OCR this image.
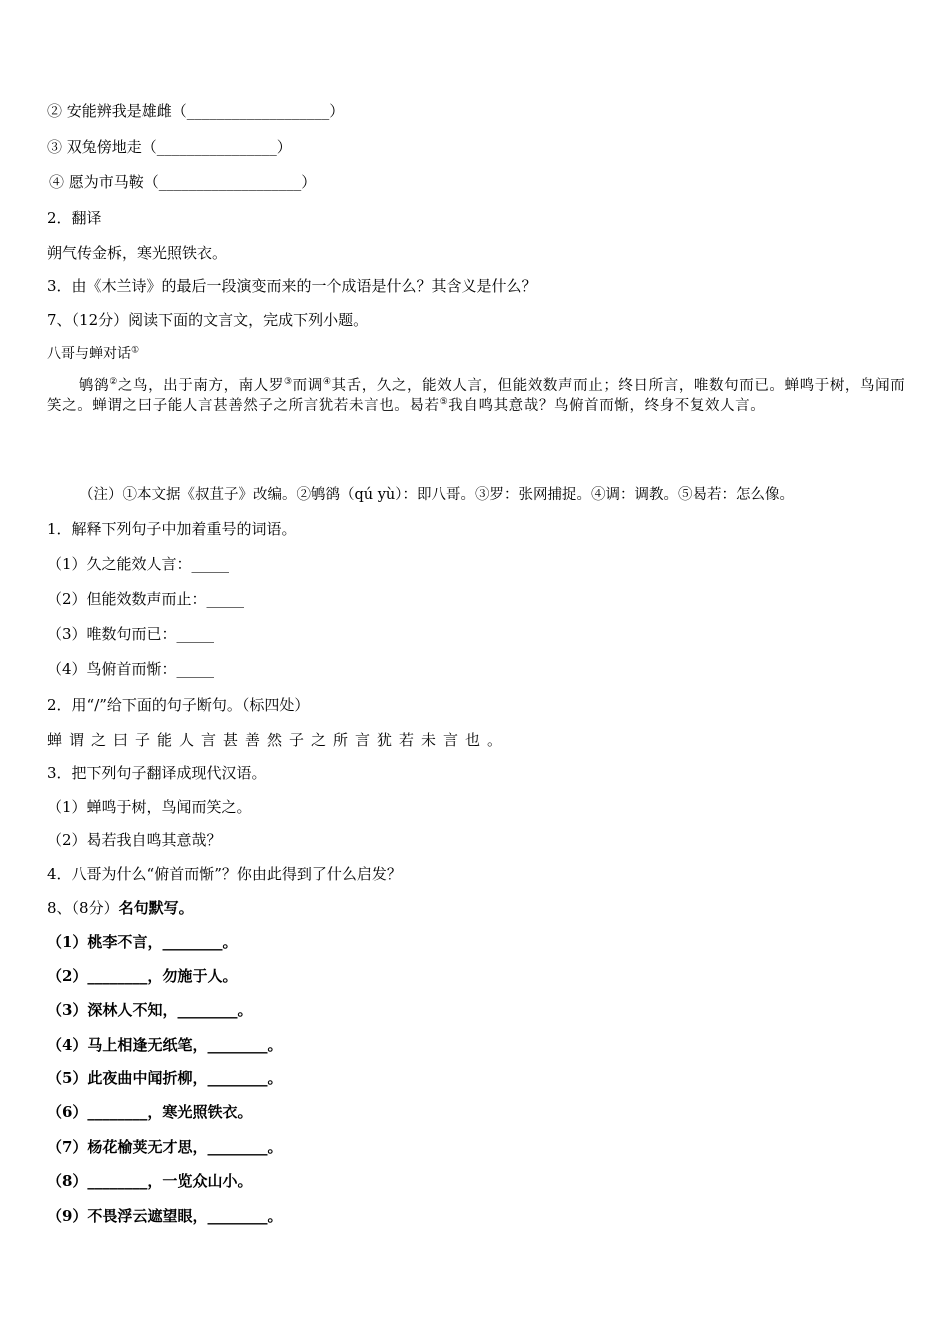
② 安能辨我是雄雌（___________________）
③ 双兔傍地走（________________）
④ 愿为市马鞍（___________________）
2．翻译
朔气传金柝，寒光照铁衣。
3．由《木兰诗》的最后一段演变而来的一个成语是什么？其含义是什么？
7、（12分）阅读下面的文言文，完成下列小题。
八哥与蝉对话①
鸲鹆②之鸟，出于南方，南人罗③而调④其舌，久之，能效人言，但能效数声而止；终日所言，唯数句而已。蝉鸣于树，鸟闻而笑之。蝉谓之曰子能人言甚善然子之所言犹若未言也。曷若⑤我自鸣其意哉？鸟俯首而惭，终身不复效人言。
（注）①本文据《叔苴子》改编。②鸲鹆（qú yù）：即八哥。③罗：张网捕捉。④调：调教。⑤曷若：怎么像。
1．解释下列句子中加着重号的词语。
（1）久之能效人言：_____
（2）但能效数声而止：_____
（3）唯数句而已：_____
（4）鸟俯首而惭：_____
2．用“/”给下面的句子断句。（标四处）
蝉谓之曰子能人言甚善然子之所言犹若未言也。
3．把下列句子翻译成现代汉语。
（1）蝉鸣于树，鸟闻而笑之。
（2）曷若我自鸣其意哉？
4．八哥为什么“俯首而惭”？你由此得到了什么启发？
8、（8分）名句默写。
（1）桃李不言，________。
（2）________，勿施于人。
（3）深林人不知，________。
（4）马上相逢无纸笔，________。
（5）此夜曲中闻折柳，________。
（6）________，寒光照铁衣。
（7）杨花榆荚无才思，________。
（8）________，一览众山小。
（9）不畏浮云遮望眼，________。
